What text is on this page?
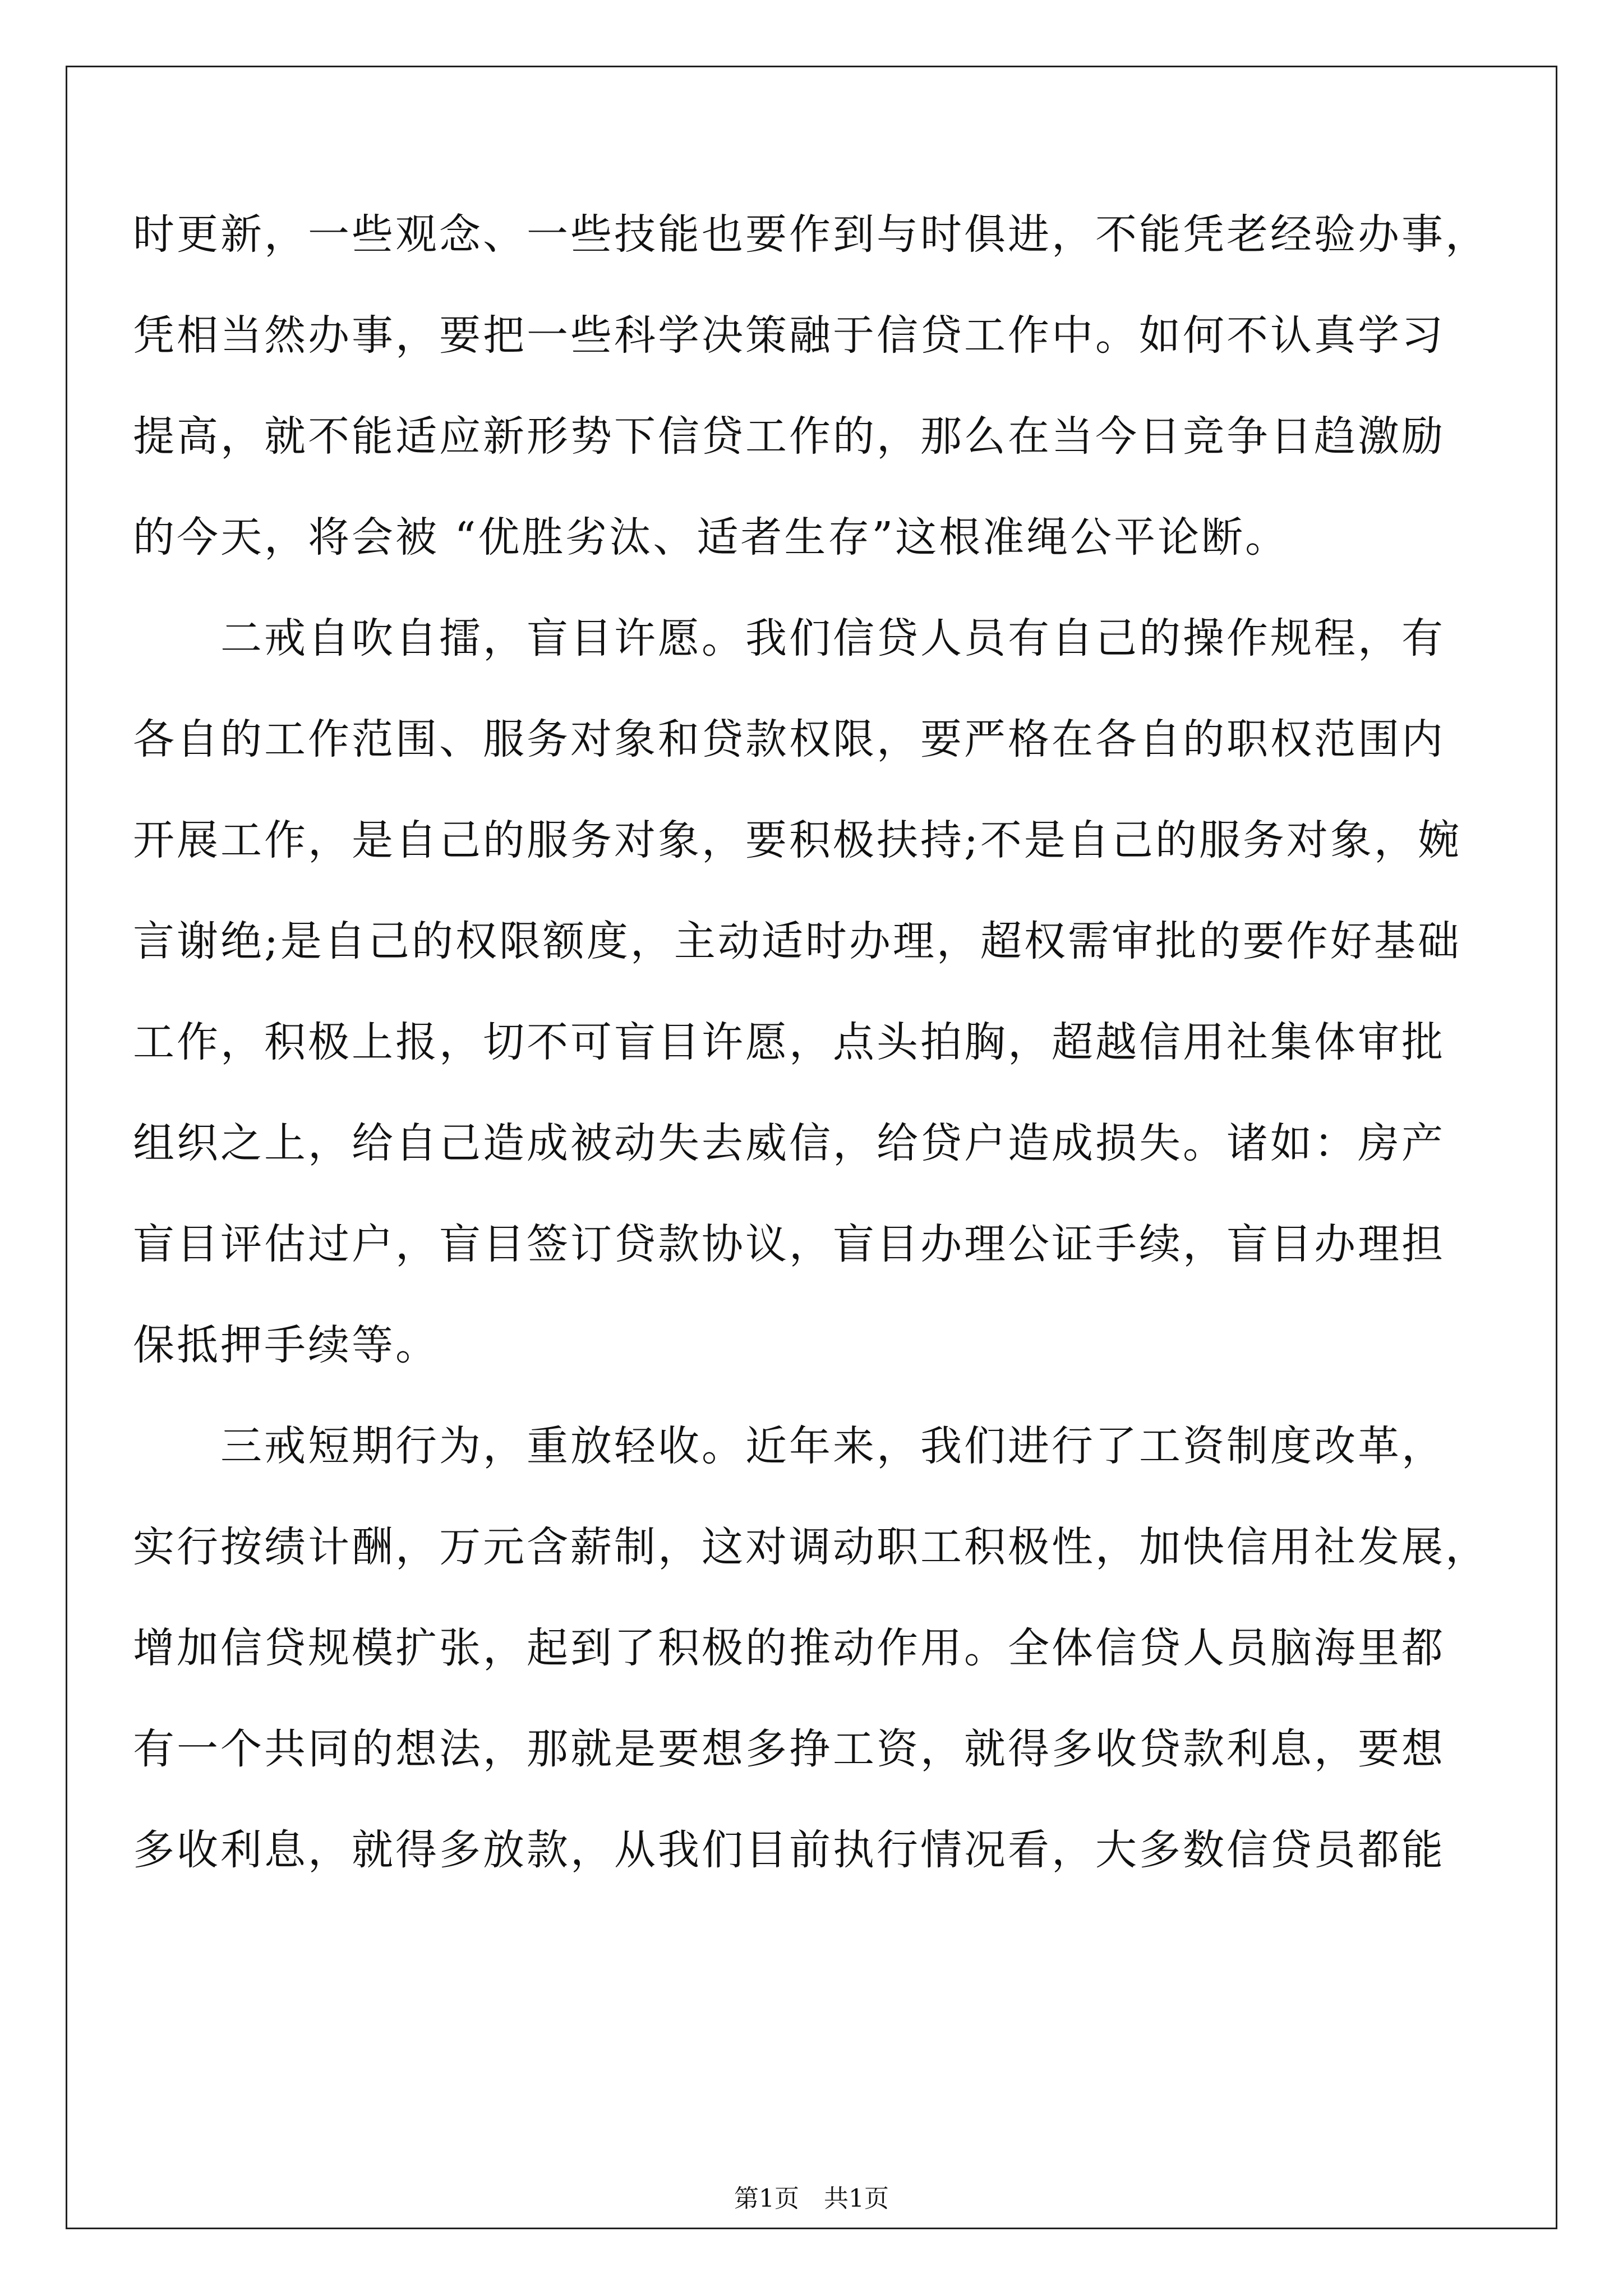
时更新，一些观念、一些技能也要作到与时俱进，不能凭老经验办事，
凭相当然办事，要把一些科学决策融于信贷工作中。如何不认真学习
提高，就不能适应新形势下信贷工作的，那么在当今日竞争日趋激励
的今天，将会被 “优胜劣汰、适者生存”这根准绳公平论断。
　　二戒自吹自擂，盲目许愿。我们信贷人员有自己的操作规程，有
各自的工作范围、服务对象和贷款权限，要严格在各自的职权范围内
开展工作，是自己的服务对象，要积极扶持;不是自己的服务对象，婉
言谢绝;是自己的权限额度，主动适时办理，超权需审批的要作好基础
工作，积极上报，切不可盲目许愿，点头拍胸，超越信用社集体审批
组织之上，给自己造成被动失去威信，给贷户造成损失。诸如：房产
盲目评估过户，盲目签订贷款协议，盲目办理公证手续，盲目办理担
保抵押手续等。
　　三戒短期行为，重放轻收。近年来，我们进行了工资制度改革，
实行按绩计酬，万元含薪制，这对调动职工积极性，加快信用社发展，
增加信贷规模扩张，起到了积极的推动作用。全体信贷人员脑海里都
有一个共同的想法，那就是要想多挣工资，就得多收贷款利息，要想
多收利息，就得多放款，从我们目前执行情况看，大多数信贷员都能
第1页　共1页
